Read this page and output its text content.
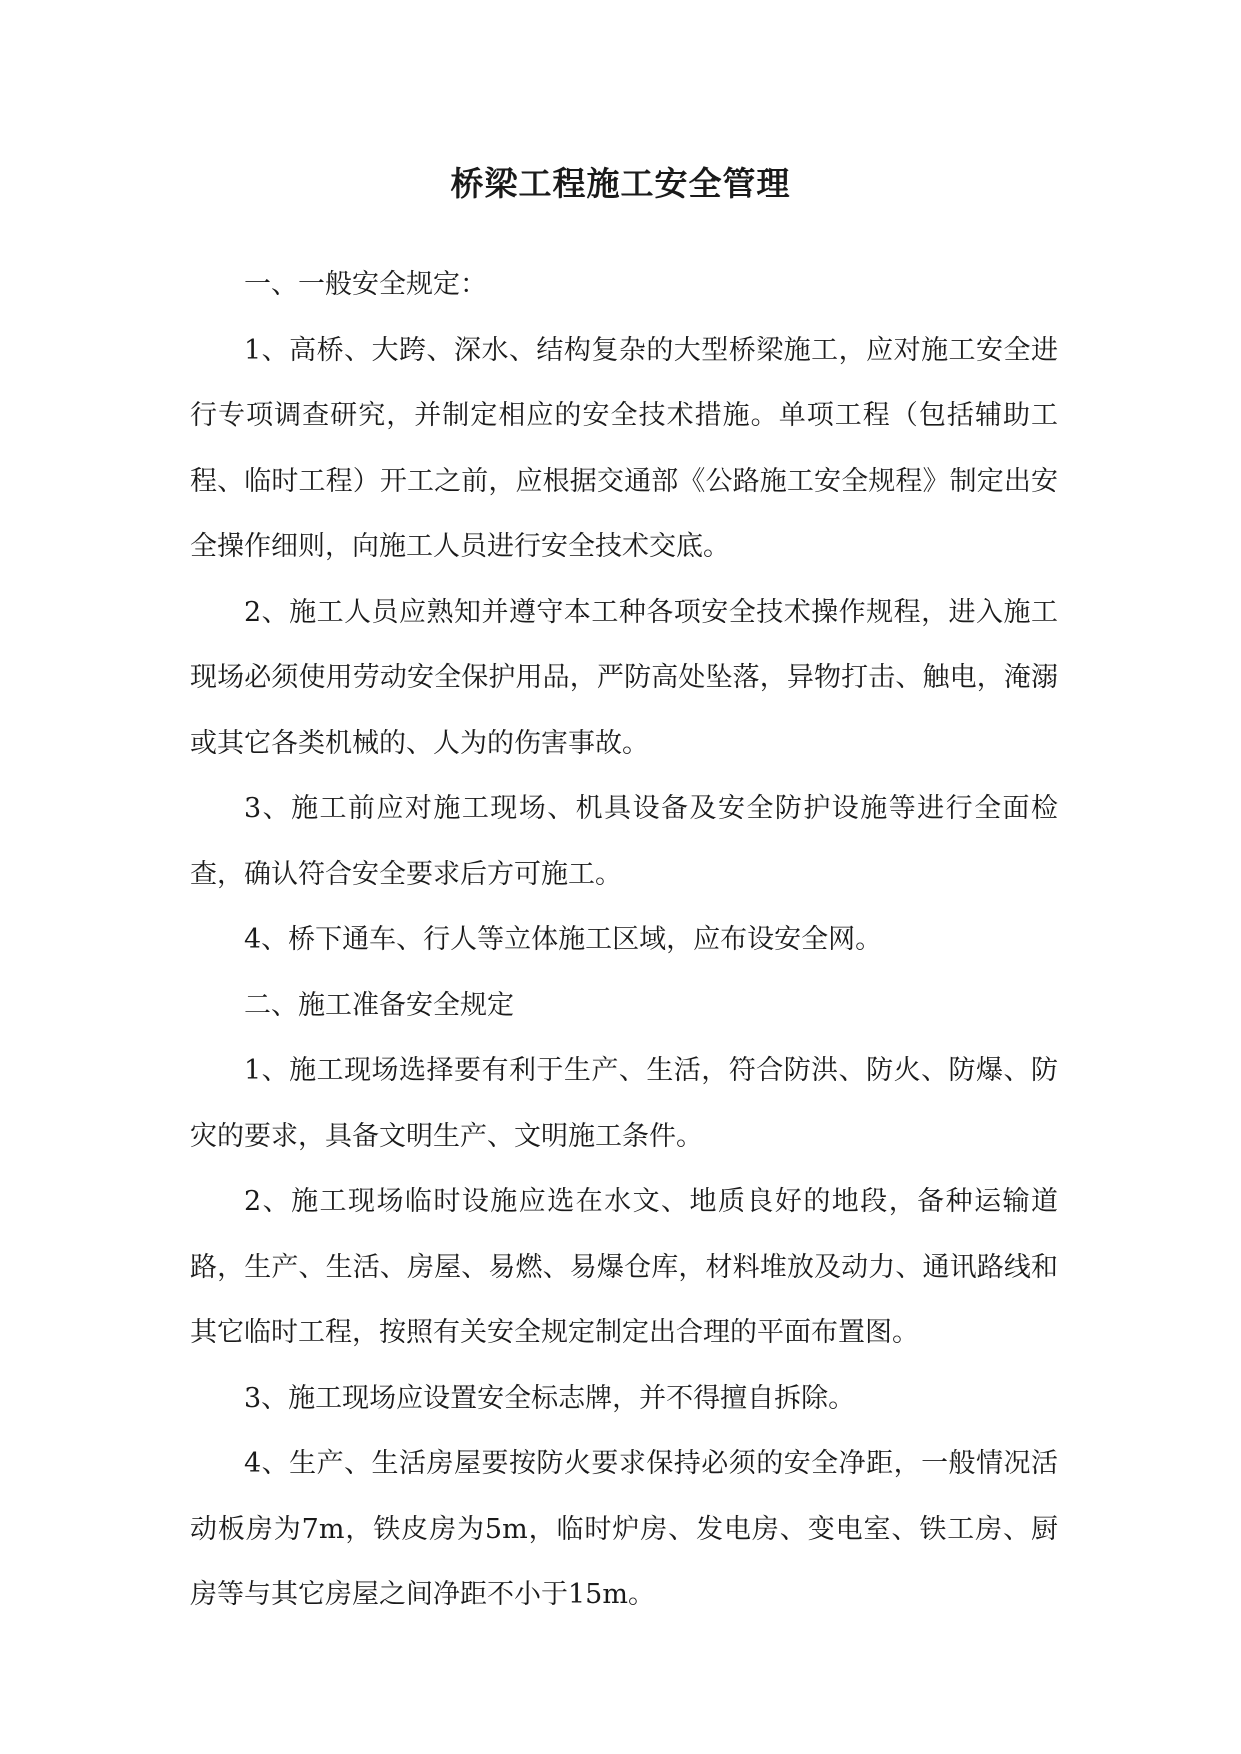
桥梁工程施工安全管理

一、一般安全规定：

1、高桥、大跨、深水、结构复杂的大型桥梁施工，应对施工安全进行专项调查研究，并制定相应的安全技术措施。单项工程（包括辅助工程、临时工程）开工之前，应根据交通部《公路施工安全规程》制定出安全操作细则，向施工人员进行安全技术交底。

2、施工人员应熟知并遵守本工种各项安全技术操作规程，进入施工现场必须使用劳动安全保护用品，严防高处坠落，异物打击、触电，淹溺或其它各类机械的、人为的伤害事故。

3、施工前应对施工现场、机具设备及安全防护设施等进行全面检查，确认符合安全要求后方可施工。

4、桥下通车、行人等立体施工区域，应布设安全网。

二、施工准备安全规定

1、施工现场选择要有利于生产、生活，符合防洪、防火、防爆、防灾的要求，具备文明生产、文明施工条件。

2、施工现场临时设施应选在水文、地质良好的地段，备种运输道路，生产、生活、房屋、易燃、易爆仓库，材料堆放及动力、通讯路线和其它临时工程，按照有关安全规定制定出合理的平面布置图。

3、施工现场应设置安全标志牌，并不得擅自拆除。

4、生产、生活房屋要按防火要求保持必须的安全净距，一般情况活动板房为7m，铁皮房为5m，临时炉房、发电房、变电室、铁工房、厨房等与其它房屋之间净距不小于15m。
